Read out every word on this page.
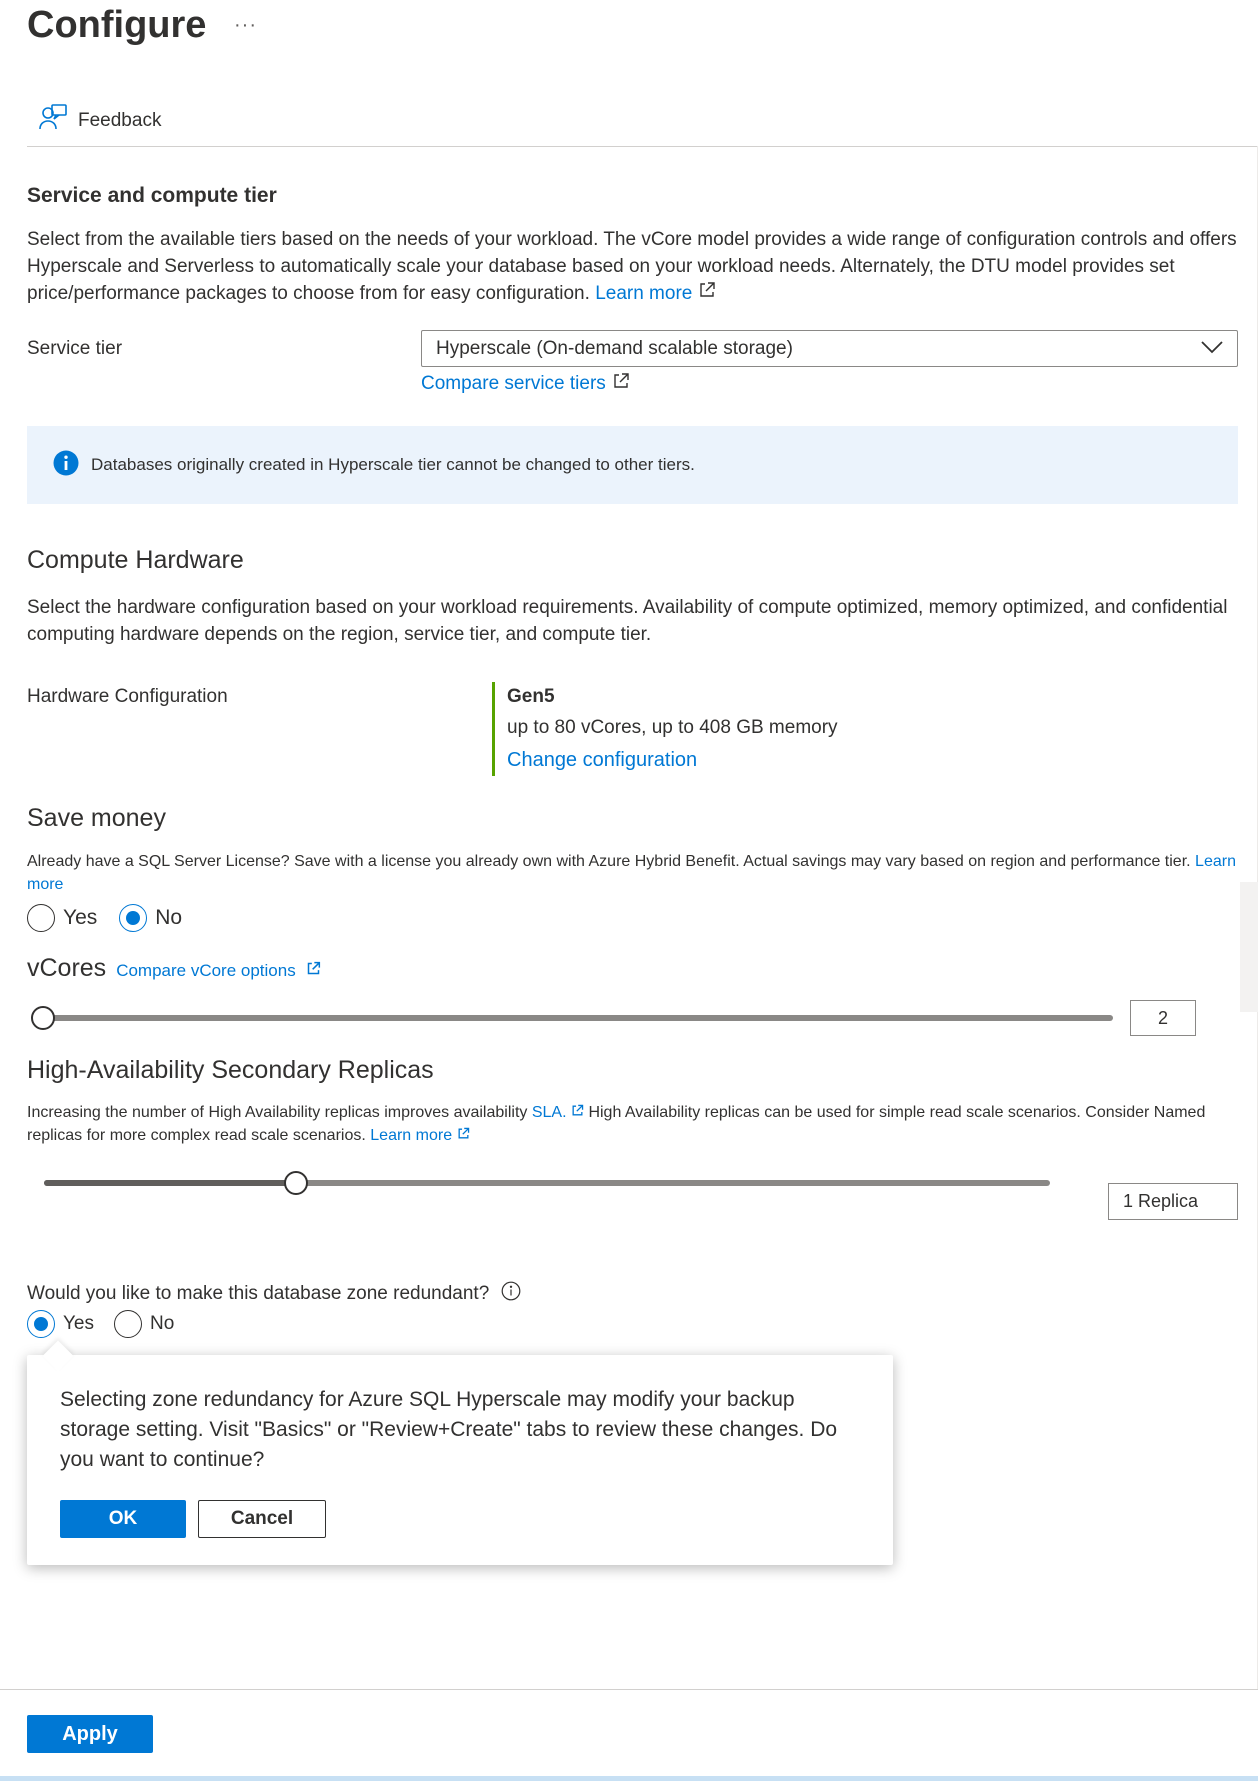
Configure ···
Feedback
Service and compute tier
Select from the available tiers based on the needs of your workload. The vCore model provides a wide range of configuration controls and offers Hyperscale and Serverless to automatically scale your database based on your workload needs. Alternately, the DTU model provides set price/performance packages to choose from for easy configuration. Learn more
Service tier	Hyperscale (On-demand scalable storage)
Compare service tiers
Databases originally created in Hyperscale tier cannot be changed to other tiers.
Compute Hardware
Select the hardware configuration based on your workload requirements. Availability of compute optimized, memory optimized, and confidential computing hardware depends on the region, service tier, and compute tier.
Hardware Configuration	Gen5
up to 80 vCores, up to 408 GB memory
Change configuration
Save money
Already have a SQL Server License? Save with a license you already own with Azure Hybrid Benefit. Actual savings may vary based on region and performance tier. Learn more
Yes	No
vCores Compare vCore options
2
High-Availability Secondary Replicas
Increasing the number of High Availability replicas improves availability SLA. High Availability replicas can be used for simple read scale scenarios. Consider Named replicas for more complex read scale scenarios. Learn more
1 Replica
Would you like to make this database zone redundant?
Yes	No
Selecting zone redundancy for Azure SQL Hyperscale may modify your backup storage setting. Visit "Basics" or "Review+Create" tabs to review these changes. Do you want to continue?
OK	Cancel
Apply
